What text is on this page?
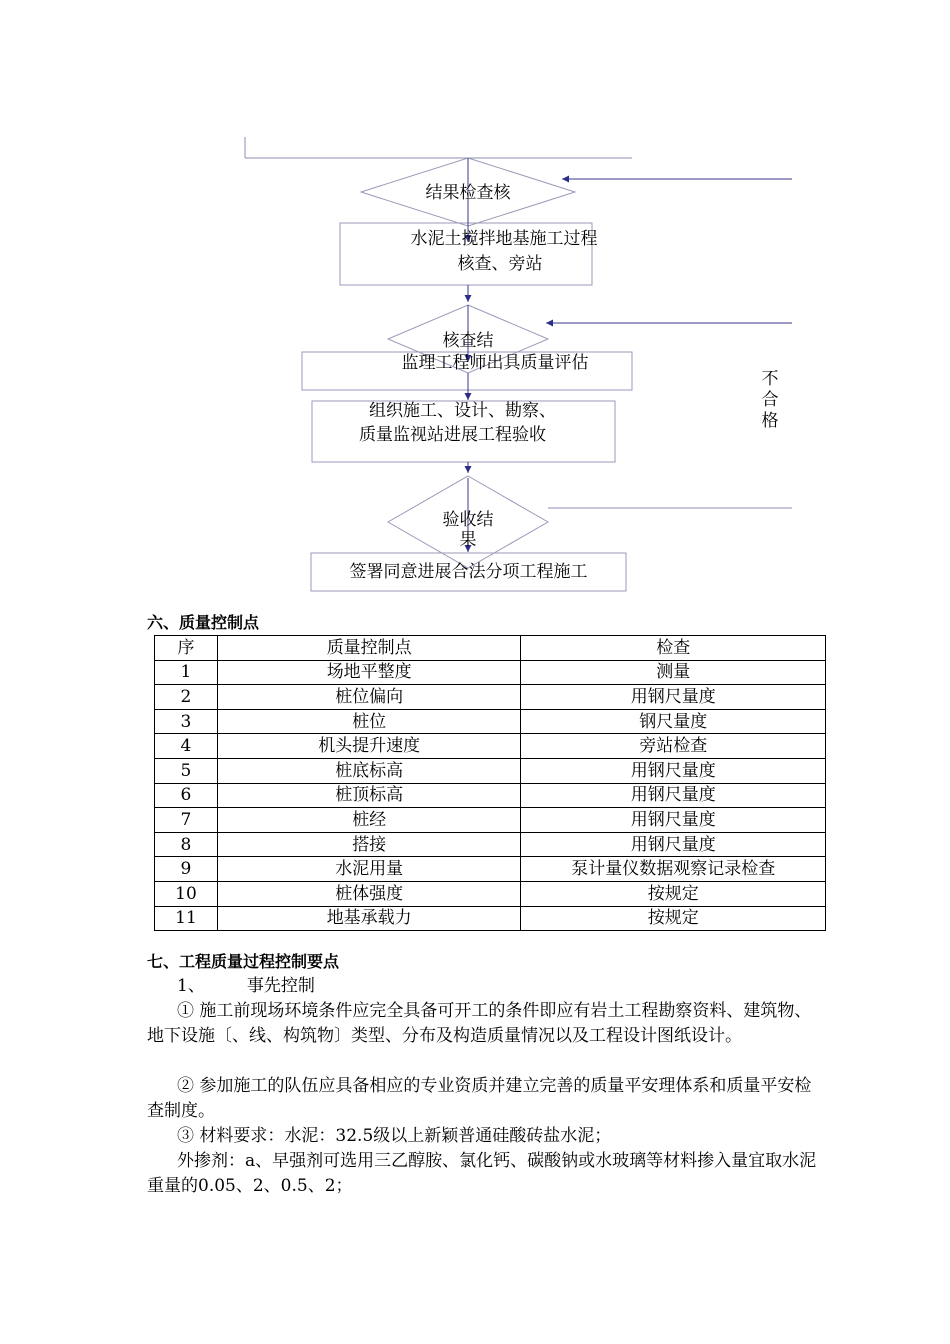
结果检查核
水泥土搅拌地基施工过程
核查、旁站
核查结
监理工程师出具质量评估
组织施工、设计、勘察、
质量监视站进展工程验收
验收结
果
签署同意进展合法分项工程施工
不
合
格
六、质量控制点
序	质量控制点	检查
1	场地平整度	测量
2	桩位偏向	用钢尺量度
3	桩位	钢尺量度
4	机头提升速度	旁站检查
5	桩底标高	用钢尺量度
6	桩顶标高	用钢尺量度
7	桩经	用钢尺量度
8	搭接	用钢尺量度
9	水泥用量	泵计量仪数据观察记录检查
10	桩体强度	按规定
11	地基承载力	按规定
七、工程质量过程控制要点
1、 事先控制
① 施工前现场环境条件应完全具备可开工的条件即应有岩土工程勘察资料、建筑物、地下设施〔、线、构筑物〕类型、分布及构造质量情况以及工程设计图纸设计。
② 参加施工的队伍应具备相应的专业资质并建立完善的质量平安理体系和质量平安检查制度。
③ 材料要求：水泥：32.5级以上新颖普通硅酸砖盐水泥；
外掺剂：a、早强剂可选用三乙醇胺、氯化钙、碳酸钠或水玻璃等材料掺入量宜取水泥重量的0.05、2、0.5、2；
